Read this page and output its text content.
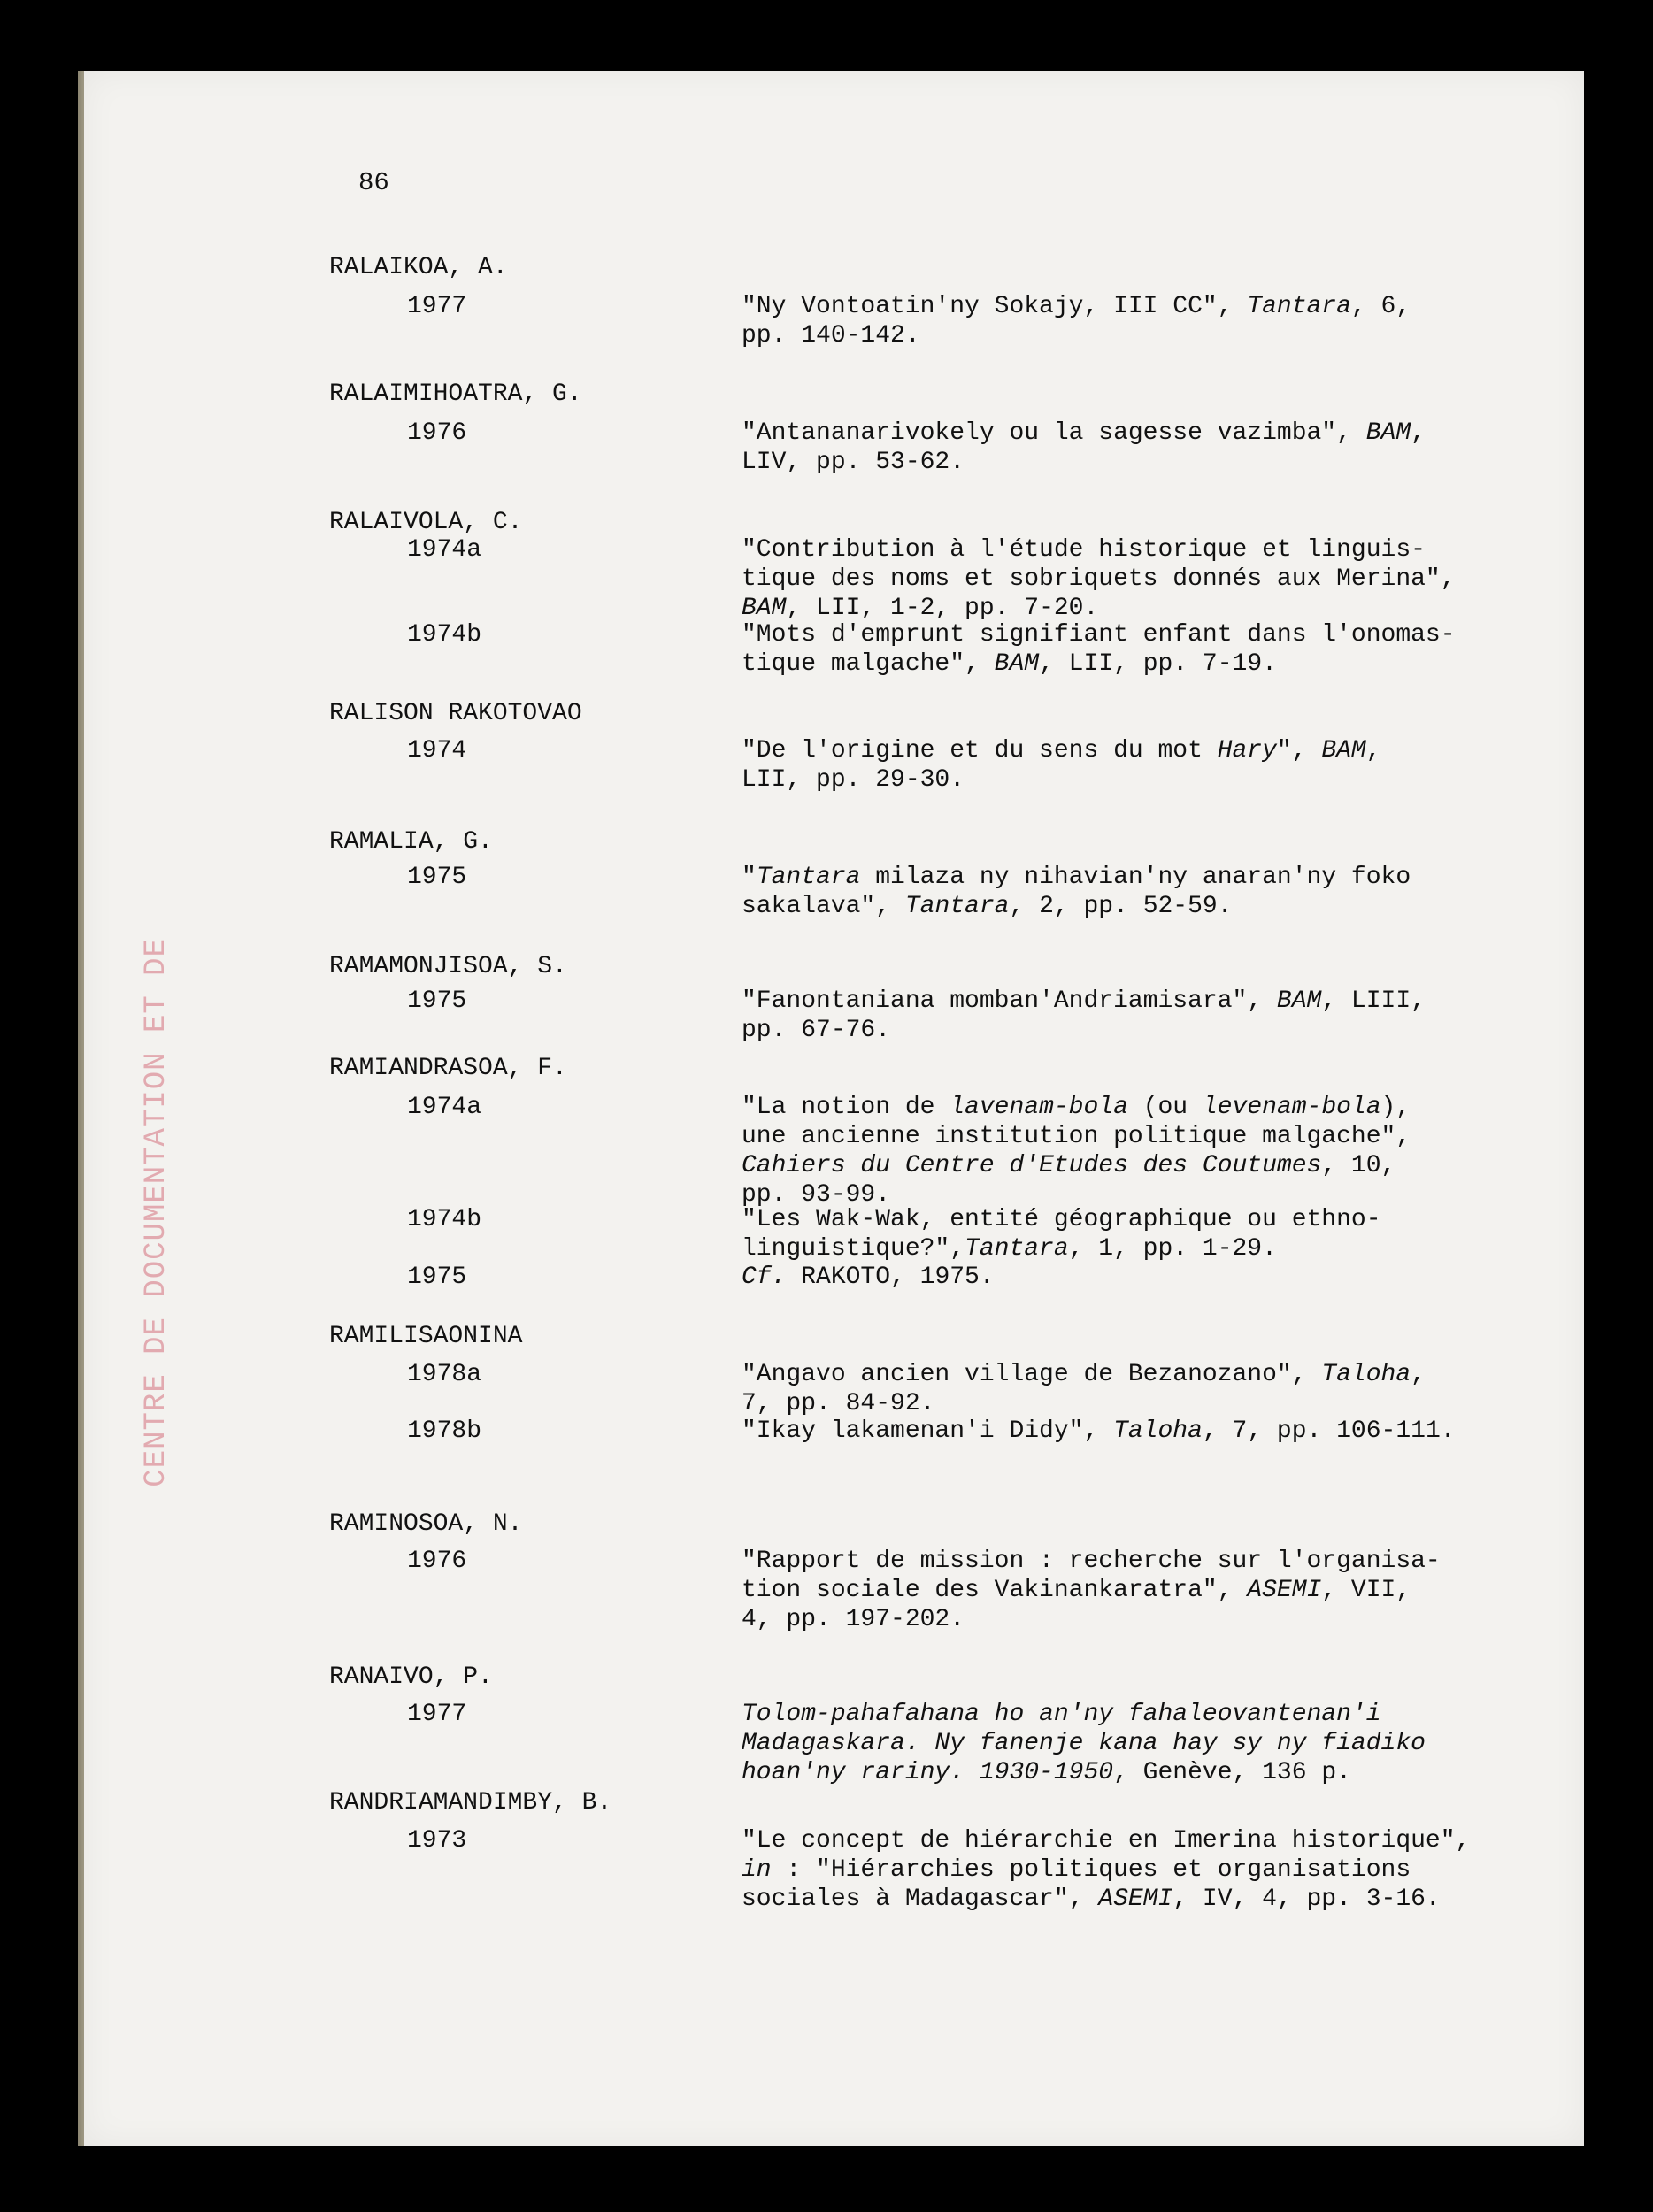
CENTRE DE DOCUMENTATION ET DE
86
RALAIKOA, A.
1977	"Ny Vontoatin'ny Sokajy, III CC", Tantara, 6,
pp. 140-142.
RALAIMIHOATRA, G.
1976	"Antananarivokely ou la sagesse vazimba", BAM,
LIV, pp. 53-62.
RALAIVOLA, C.
1974a	"Contribution à l'étude historique et linguis-
tique des noms et sobriquets donnés aux Merina",
BAM, LII, 1-2, pp. 7-20.
1974b	"Mots d'emprunt signifiant enfant dans l'onomas-
tique malgache", BAM, LII, pp. 7-19.
RALISON RAKOTOVAO
1974	"De l'origine et du sens du mot Hary", BAM,
LII, pp. 29-30.
RAMALIA, G.
1975	"Tantara milaza ny nihavian'ny anaran'ny foko
sakalava", Tantara, 2, pp. 52-59.
RAMAMONJISOA, S.
1975	"Fanontaniana momban'Andriamisara", BAM, LIII,
pp. 67-76.
RAMIANDRASOA, F.
1974a	"La notion de lavenam-bola (ou levenam-bola),
une ancienne institution politique malgache",
Cahiers du Centre d'Etudes des Coutumes, 10,
pp. 93-99.
1974b	"Les Wak-Wak, entité géographique ou ethno-
linguistique?",Tantara, 1, pp. 1-29.
1975	Cf. RAKOTO, 1975.
RAMILISAONINA
1978a	"Angavo ancien village de Bezanozano", Taloha,
7, pp. 84-92.
1978b	"Ikay lakamenan'i Didy", Taloha, 7, pp. 106-111.
RAMINOSOA, N.
1976	"Rapport de mission : recherche sur l'organisa-
tion sociale des Vakinankaratra", ASEMI, VII,
4, pp. 197-202.
RANAIVO, P.
1977	Tolom-pahafahana ho an'ny fahaleovantenan'i
Madagaskara. Ny fanenje kana hay sy ny fiadiko
hoan'ny rariny. 1930-1950, Genève, 136 p.
RANDRIAMANDIMBY, B.
1973	"Le concept de hiérarchie en Imerina historique",
in : "Hiérarchies politiques et organisations
sociales à Madagascar", ASEMI, IV, 4, pp. 3-16.
